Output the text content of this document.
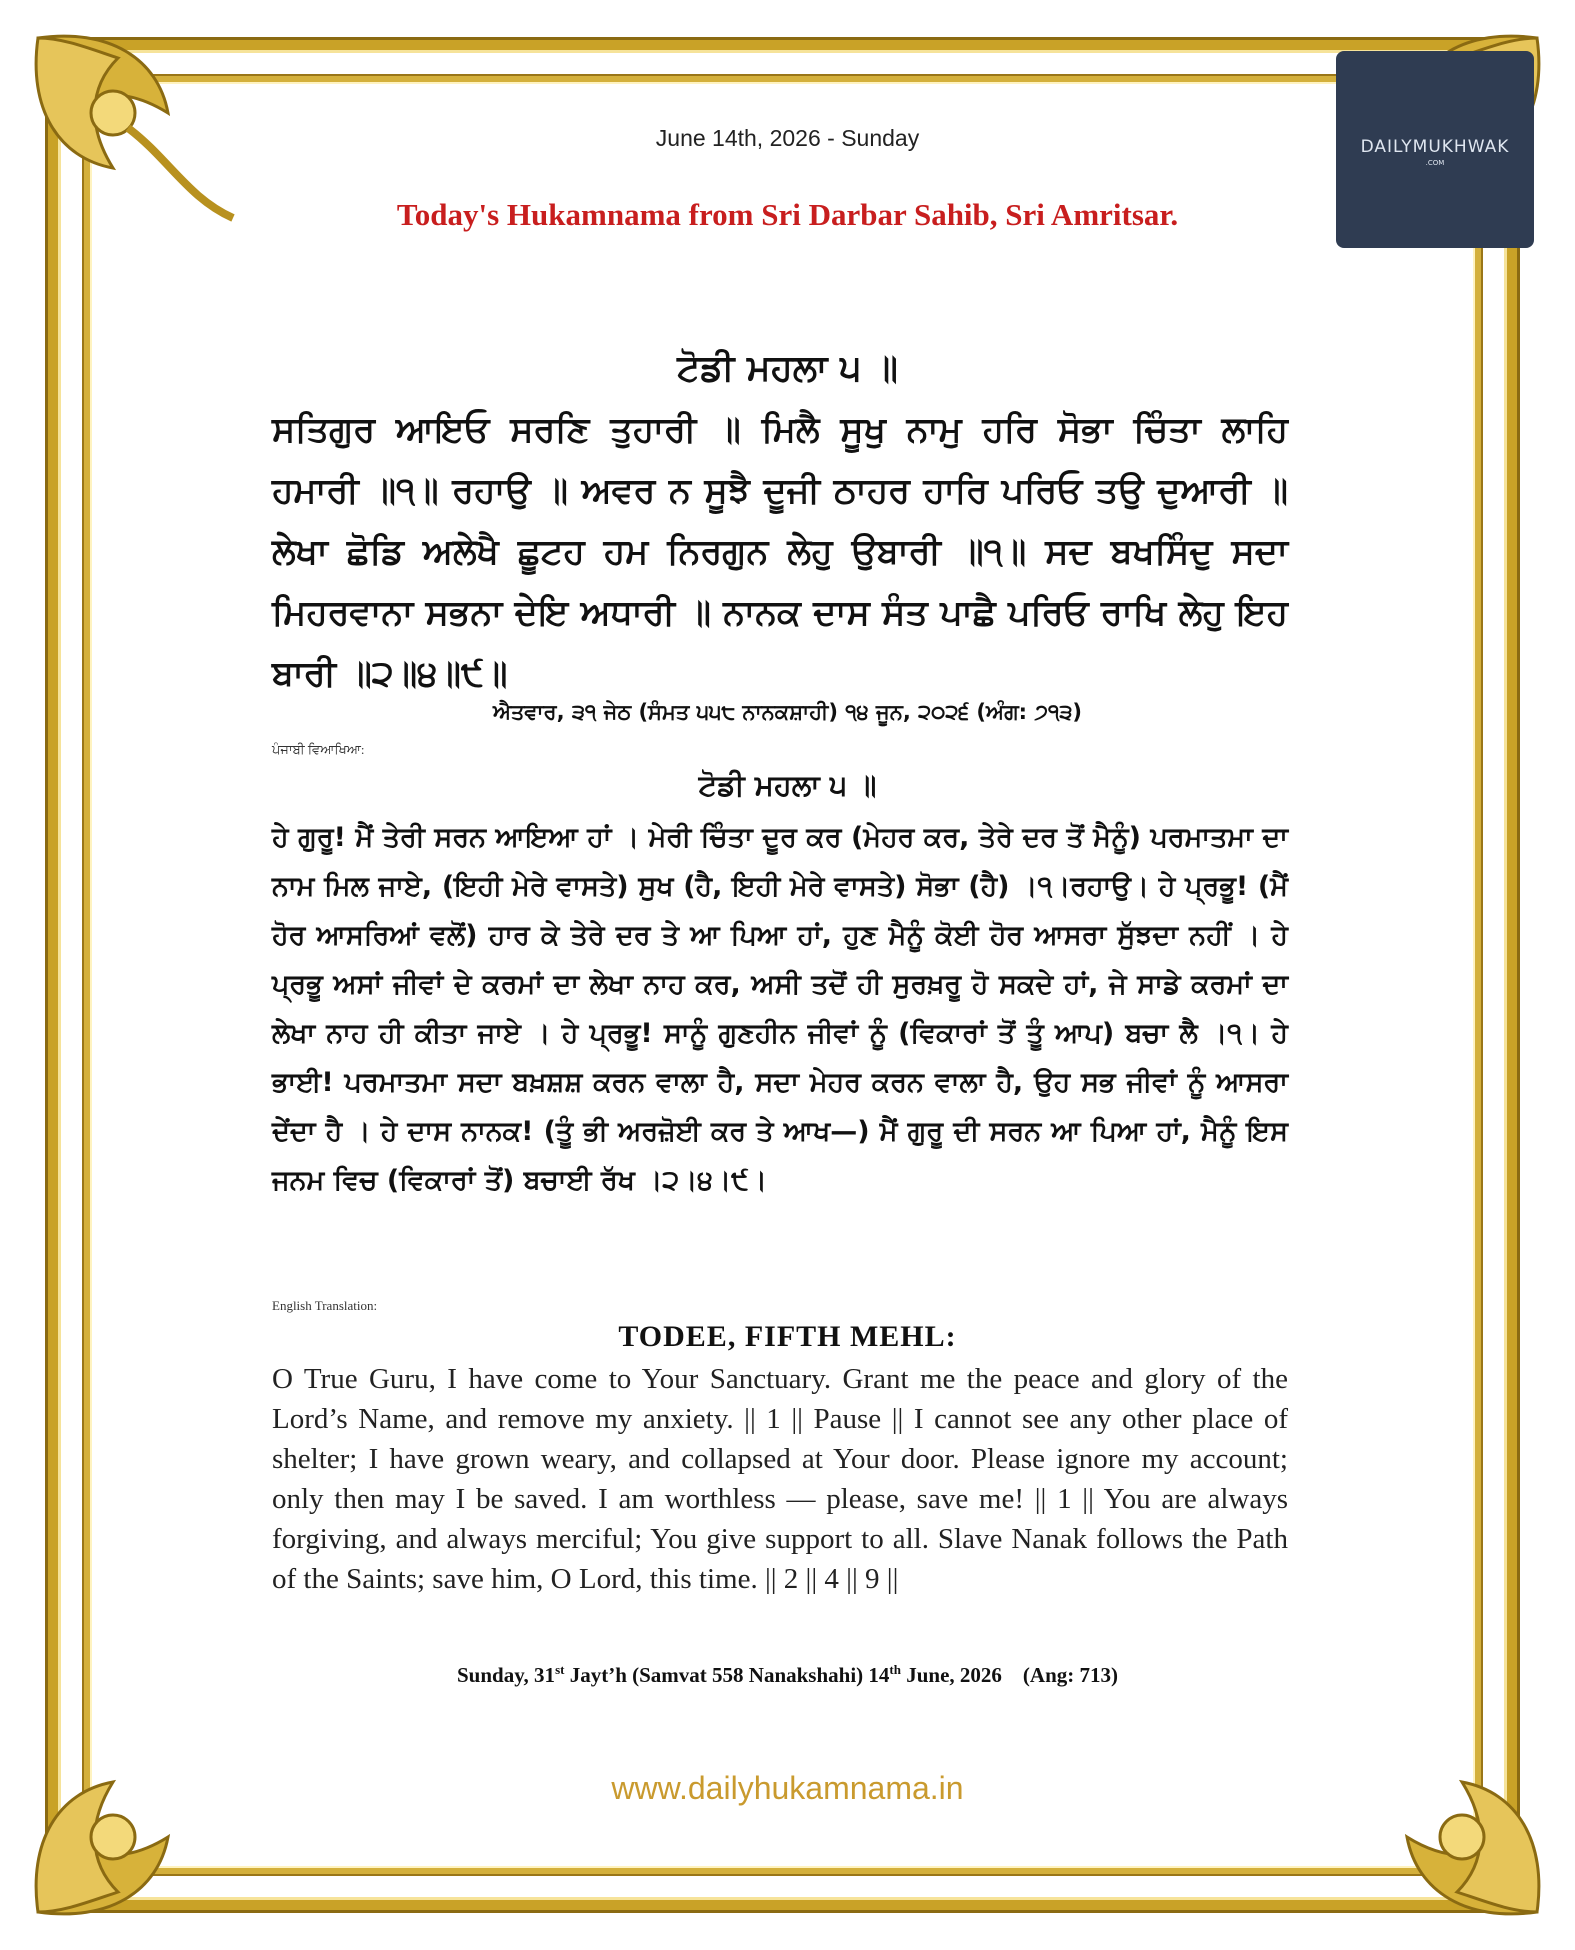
DAILYMUKHWAK
.COM
June 14th, 2026 - Sunday
Today's Hukamnama from Sri Darbar Sahib, Sri Amritsar.
ਟੋਡੀ ਮਹਲਾ ੫ ॥
ਸਤਿਗੁਰ ਆਇਓ ਸਰਣਿ ਤੁਹਾਰੀ ॥ ਮਿਲੈ ਸੂਖੁ ਨਾਮੁ ਹਰਿ ਸੋਭਾ ਚਿੰਤਾ ਲਾਹਿ ਹਮਾਰੀ ॥੧॥ ਰਹਾਉ ॥ ਅਵਰ ਨ ਸੂਝੈ ਦੂਜੀ ਠਾਹਰ ਹਾਰਿ ਪਰਿਓ ਤਉ ਦੁਆਰੀ ॥ ਲੇਖਾ ਛੋਡਿ ਅਲੇਖੈ ਛੂਟਹ ਹਮ ਨਿਰਗੁਨ ਲੇਹੁ ਉਬਾਰੀ ॥੧॥ ਸਦ ਬਖਸਿੰਦੁ ਸਦਾ ਮਿਹਰਵਾਨਾ ਸਭਨਾ ਦੇਇ ਅਧਾਰੀ ॥ ਨਾਨਕ ਦਾਸ ਸੰਤ ਪਾਛੈ ਪਰਿਓ ਰਾਖਿ ਲੇਹੁ ਇਹ ਬਾਰੀ ॥੨॥੪॥੯॥
ਐਤਵਾਰ, ੩੧ ਜੇਠ (ਸੰਮਤ ੫੫੮ ਨਾਨਕਸ਼ਾਹੀ) ੧੪ ਜੂਨ, ੨੦੨੬ (ਅੰਗ: ੭੧੩)
ਪੰਜਾਬੀ ਵਿਆਖਿਆ:
ਟੋਡੀ ਮਹਲਾ ੫ ॥
ਹੇ ਗੁਰੂ! ਮੈਂ ਤੇਰੀ ਸਰਨ ਆਇਆ ਹਾਂ । ਮੇਰੀ ਚਿੰਤਾ ਦੂਰ ਕਰ (ਮੇਹਰ ਕਰ, ਤੇਰੇ ਦਰ ਤੋਂ ਮੈਨੂੰ) ਪਰਮਾਤਮਾ ਦਾ ਨਾਮ ਮਿਲ ਜਾਏ, (ਇਹੀ ਮੇਰੇ ਵਾਸਤੇ) ਸੁਖ (ਹੈ, ਇਹੀ ਮੇਰੇ ਵਾਸਤੇ) ਸੋਭਾ (ਹੈ) ।੧।ਰਹਾਉ। ਹੇ ਪ੍ਰਭੂ! (ਮੈਂ ਹੋਰ ਆਸਰਿਆਂ ਵਲੋਂ) ਹਾਰ ਕੇ ਤੇਰੇ ਦਰ ਤੇ ਆ ਪਿਆ ਹਾਂ, ਹੁਣ ਮੈਨੂੰ ਕੋਈ ਹੋਰ ਆਸਰਾ ਸੁੱਝਦਾ ਨਹੀਂ । ਹੇ ਪ੍ਰਭੂ ਅਸਾਂ ਜੀਵਾਂ ਦੇ ਕਰਮਾਂ ਦਾ ਲੇਖਾ ਨਾਹ ਕਰ, ਅਸੀ ਤਦੋਂ ਹੀ ਸੁਰਖ਼ਰੂ ਹੋ ਸਕਦੇ ਹਾਂ, ਜੇ ਸਾਡੇ ਕਰਮਾਂ ਦਾ ਲੇਖਾ ਨਾਹ ਹੀ ਕੀਤਾ ਜਾਏ । ਹੇ ਪ੍ਰਭੂ! ਸਾਨੂੰ ਗੁਣਹੀਨ ਜੀਵਾਂ ਨੂੰ (ਵਿਕਾਰਾਂ ਤੋਂ ਤੂੰ ਆਪ) ਬਚਾ ਲੈ ।੧। ਹੇ ਭਾਈ! ਪਰਮਾਤਮਾ ਸਦਾ ਬਖ਼ਸ਼ਸ਼ ਕਰਨ ਵਾਲਾ ਹੈ, ਸਦਾ ਮੇਹਰ ਕਰਨ ਵਾਲਾ ਹੈ, ਉਹ ਸਭ ਜੀਵਾਂ ਨੂੰ ਆਸਰਾ ਦੇਂਦਾ ਹੈ । ਹੇ ਦਾਸ ਨਾਨਕ! (ਤੂੰ ਭੀ ਅਰਜ਼ੋਈ ਕਰ ਤੇ ਆਖ—) ਮੈਂ ਗੁਰੂ ਦੀ ਸਰਨ ਆ ਪਿਆ ਹਾਂ, ਮੈਨੂੰ ਇਸ ਜਨਮ ਵਿਚ (ਵਿਕਾਰਾਂ ਤੋਂ) ਬਚਾਈ ਰੱਖ ।੨।੪।੯।
English Translation:
TODEE, FIFTH MEHL:
O True Guru, I have come to Your Sanctuary. Grant me the peace and glory of the Lord’s Name, and remove my anxiety. || 1 || Pause || I cannot see any other place of shelter; I have grown weary, and collapsed at Your door. Please ignore my account; only then may I be saved. I am worthless — please, save me! || 1 || You are always forgiving, and always merciful; You give support to all. Slave Nanak follows the Path of the Saints; save him, O Lord, this time. || 2 || 4 || 9 ||
Sunday, 31st Jayt’h (Samvat 558 Nanakshahi) 14th June, 2026    (Ang: 713)
www.dailyhukamnama.in
